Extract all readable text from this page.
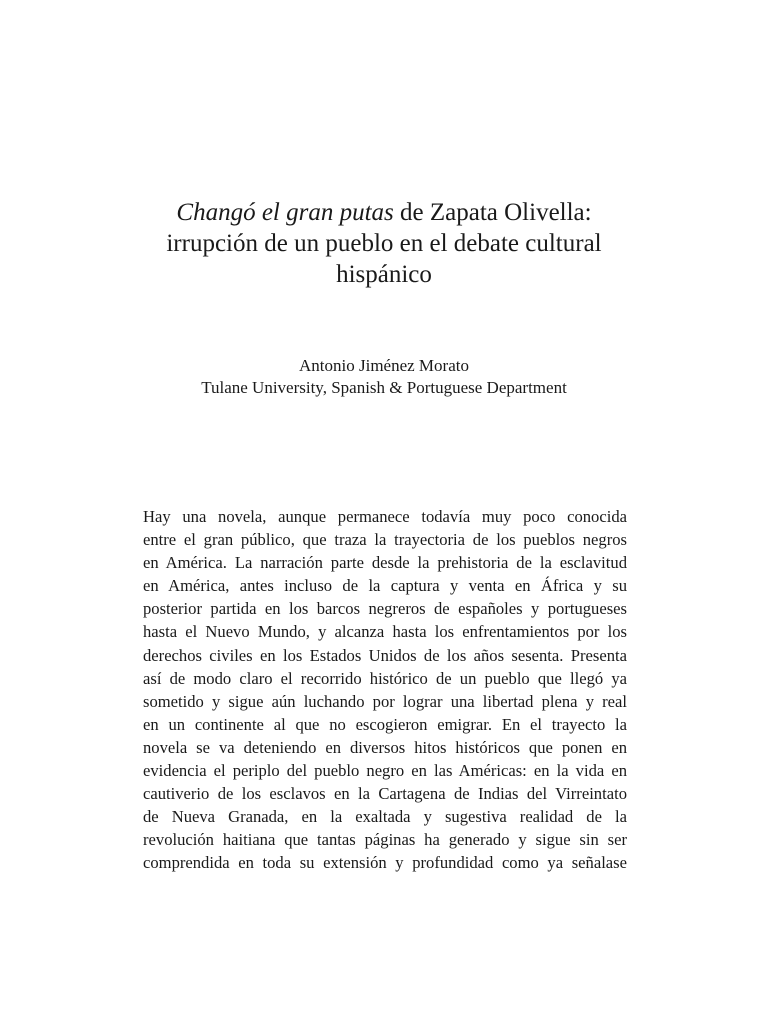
Changó el gran putas de Zapata Olivella:
irrupción de un pueblo en el debate cultural
hispánico
Antonio Jiménez Morato
Tulane University, Spanish & Portuguese Department
Hay una novela, aunque permanece todavía muy poco conocida
entre el gran público, que traza la trayectoria de los pueblos negros
en América. La narración parte desde la prehistoria de la esclavitud
en América, antes incluso de la captura y venta en África y su
posterior partida en los barcos negreros de españoles y portugueses
hasta el Nuevo Mundo, y alcanza hasta los enfrentamientos por los
derechos civiles en los Estados Unidos de los años sesenta. Presenta
así de modo claro el recorrido histórico de un pueblo que llegó ya
sometido y sigue aún luchando por lograr una libertad plena y real
en un continente al que no escogieron emigrar. En el trayecto la
novela se va deteniendo en diversos hitos históricos que ponen en
evidencia el periplo del pueblo negro en las Américas: en la vida en
cautiverio de los esclavos en la Cartagena de Indias del Virreintato
de Nueva Granada, en la exaltada y sugestiva realidad de la
revolución haitiana que tantas páginas ha generado y sigue sin ser
comprendida en toda su extensión y profundidad como ya señalase
